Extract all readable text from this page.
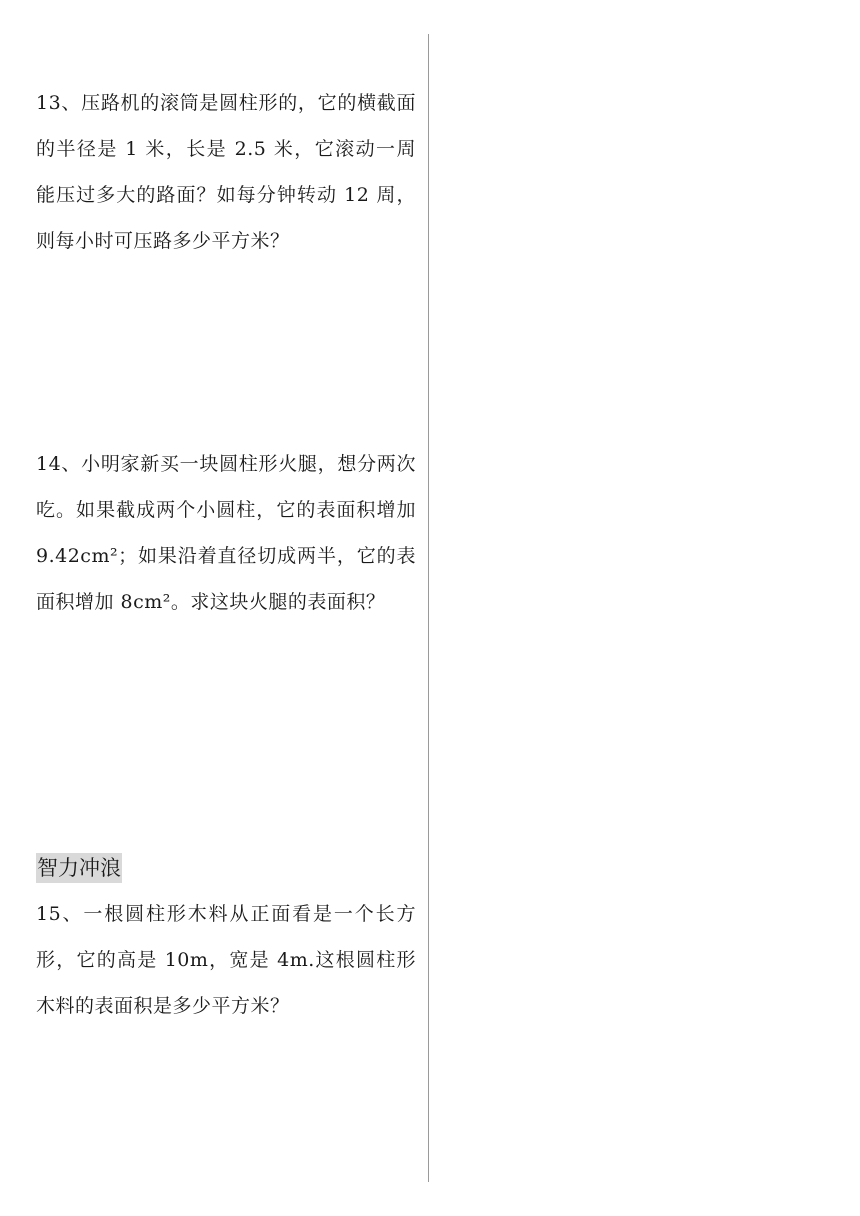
13、压路机的滚筒是圆柱形的，它的横截面的半径是 1 米，长是 2.5 米，它滚动一周能压过多大的路面？如每分钟转动 12 周，则每小时可压路多少平方米？
14、小明家新买一块圆柱形火腿，想分两次吃。如果截成两个小圆柱，它的表面积增加 9.42cm²；如果沿着直径切成两半，它的表面积增加 8cm²。求这块火腿的表面积？
智力冲浪
15、一根圆柱形木料从正面看是一个长方形，它的高是 10m，宽是 4m.这根圆柱形木料的表面积是多少平方米？
